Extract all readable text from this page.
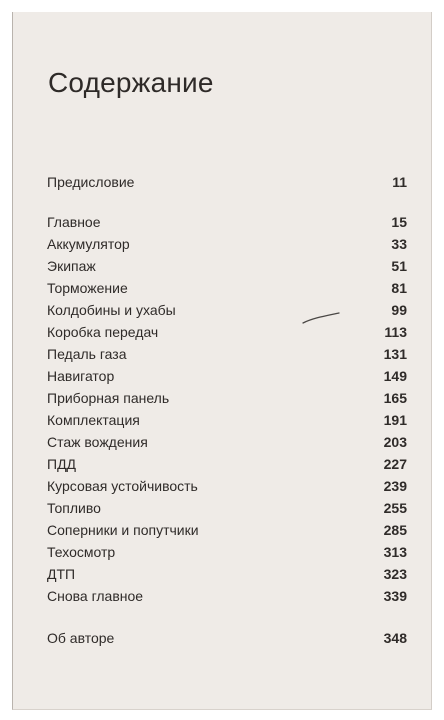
Содержание
Предисловие	11
Главное	15
Аккумулятор	33
Экипаж	51
Торможение	81
Колдобины и ухабы	99
Коробка передач	113
Педаль газа	131
Навигатор	149
Приборная панель	165
Комплектация	191
Стаж вождения	203
ПДД	227
Курсовая устойчивость	239
Топливо	255
Соперники и попутчики	285
Техосмотр	313
ДТП	323
Снова главное	339
Об авторе	348
